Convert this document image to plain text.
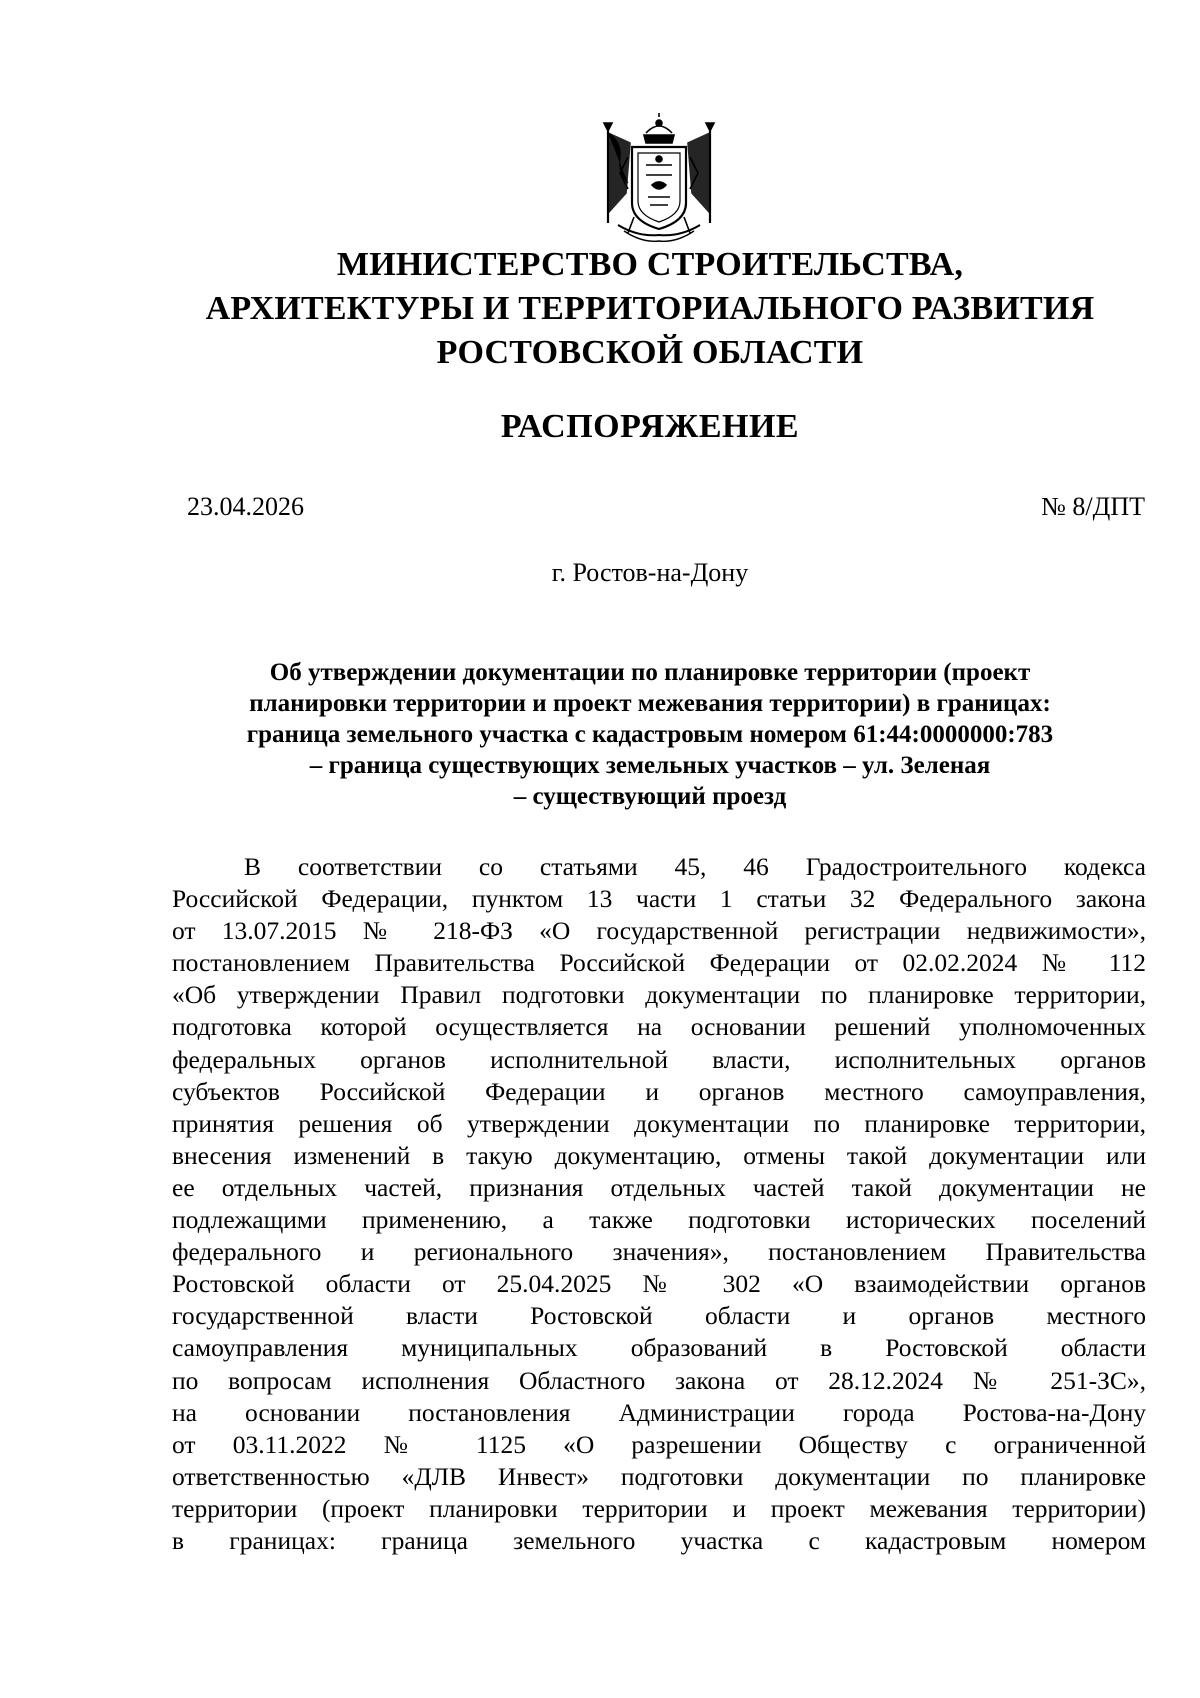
МИНИСТЕРСТВО СТРОИТЕЛЬСТВА,
АРХИТЕКТУРЫ И ТЕРРИТОРИАЛЬНОГО РАЗВИТИЯ
РОСТОВСКОЙ ОБЛАСТИ
РАСПОРЯЖЕНИЕ
23.04.2026	№ 8/ДПТ
г. Ростов-на-Дону
Об утверждении документации по планировке территории (проект
планировки территории и проект межевания территории) в границах:
граница земельного участка с кадастровым номером 61:44:0000000:783
– граница существующих земельных участков – ул. Зеленая
– существующий проезд
В соответствии со статьями 45, 46 Градостроительного кодекса
Российской Федерации, пунктом 13 части 1 статьи 32 Федерального закона
от 13.07.2015 № 218-ФЗ «О государственной регистрации недвижимости»,
постановлением Правительства Российской Федерации от 02.02.2024 № 112
«Об утверждении Правил подготовки документации по планировке территории,
подготовка которой осуществляется на основании решений уполномоченных
федеральных органов исполнительной власти, исполнительных органов
субъектов Российской Федерации и органов местного самоуправления,
принятия решения об утверждении документации по планировке территории,
внесения изменений в такую документацию, отмены такой документации или
ее отдельных частей, признания отдельных частей такой документации не
подлежащими применению, а также подготовки исторических поселений
федерального и регионального значения», постановлением Правительства
Ростовской области от 25.04.2025 № 302 «О взаимодействии органов
государственной власти Ростовской области и органов местного
самоуправления муниципальных образований в Ростовской области
по вопросам исполнения Областного закона от 28.12.2024 № 251-ЗС»,
на основании постановления Администрации города Ростова-на-Дону
от 03.11.2022 № 1125 «О разрешении Обществу с ограниченной
ответственностью «ДЛВ Инвест» подготовки документации по планировке
территории (проект планировки территории и проект межевания территории)
в границах: граница земельного участка с кадастровым номером
